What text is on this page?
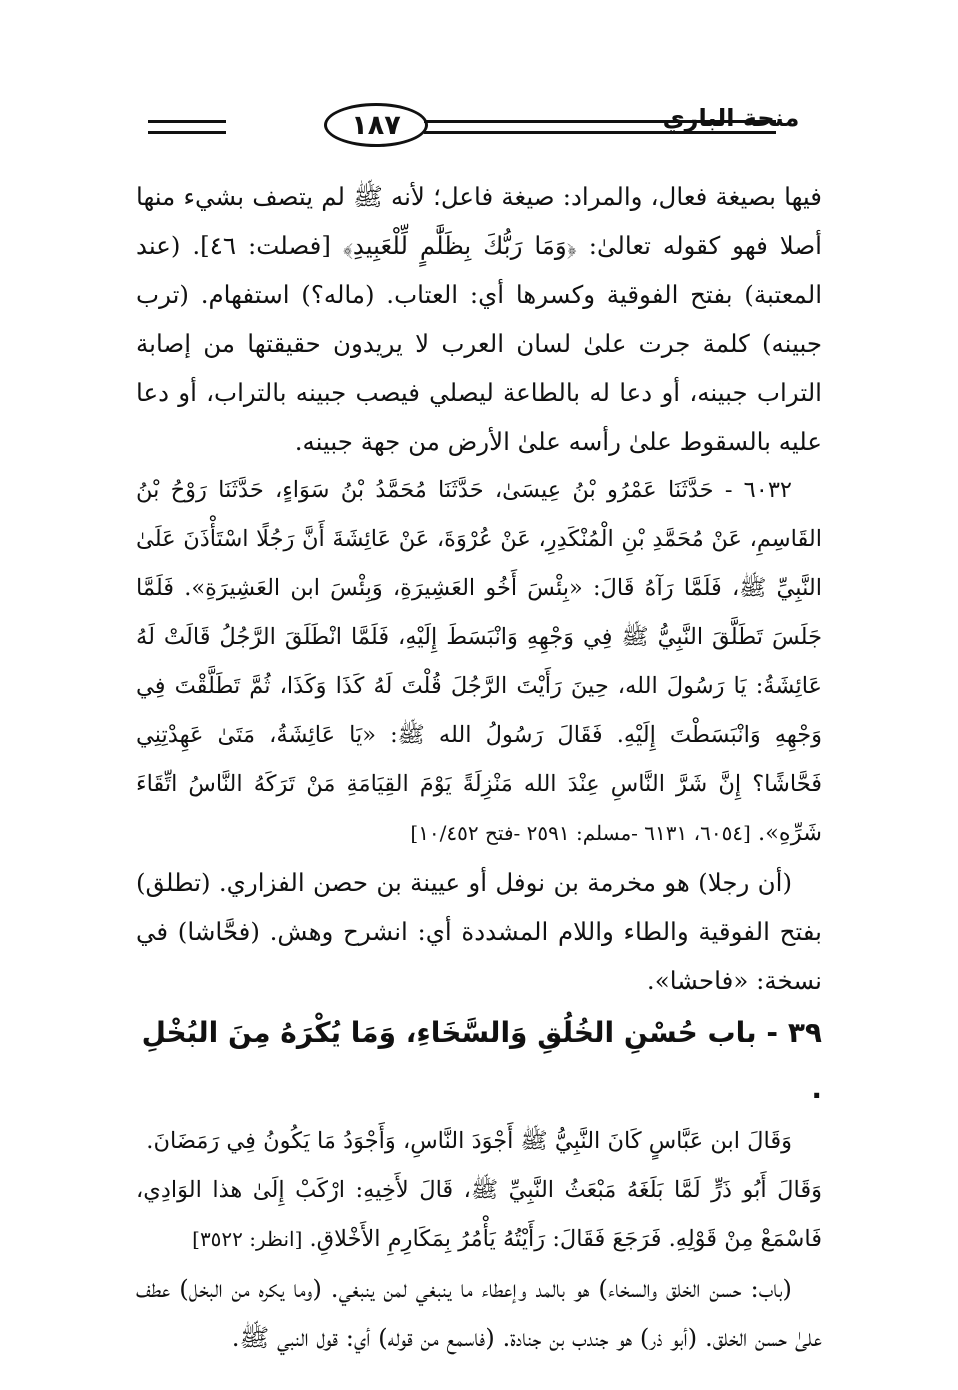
١٨٧	منحة الباري

فيها بصيغة فعال، والمراد: صيغة فاعل؛ لأنه ﷺ لم يتصف بشيء منها أصلا فهو كقوله تعالىٰ: ﴿وَمَا رَبُّكَ بِظَلَّٰمٍ لِّلْعَبِيدِ﴾ [فصلت: ٤٦]. (عند المعتبة) بفتح الفوقية وكسرها أي: العتاب. (ماله؟) استفهام. (ترب جبينه) كلمة جرت علىٰ لسان العرب لا يريدون حقيقتها من إصابة التراب جبينه، أو دعا له بالطاعة ليصلي فيصب جبينه بالتراب، أو دعا عليه بالسقوط علىٰ رأسه علىٰ الأرض من جهة جبينه.

٦٠٣٢ - حَدَّثَنَا عَمْرُو بْنُ عِيسَىٰ، حَدَّثَنَا مُحَمَّدُ بْنُ سَوَاءٍ، حَدَّثَنَا رَوْحُ بْنُ القَاسِمِ، عَنْ مُحَمَّدِ بْنِ الْمُنْكَدِرِ، عَنْ عُرْوَةَ، عَنْ عَائِشَةَ أَنَّ رَجُلًا اسْتَأْذَنَ عَلَىٰ النَّبِيِّ ﷺ، فَلَمَّا رَآهُ قَالَ: «بِئْسَ أَخُو العَشِيرَةِ، وَبِئْسَ ابن العَشِيرَةِ». فَلَمَّا جَلَسَ تَطَلَّقَ النَّبِيُّ ﷺ فِي وَجْهِهِ وَانْبَسَطَ إِلَيْهِ، فَلَمَّا انْطَلَقَ الرَّجُلُ قَالَتْ لَهُ عَائِشَةُ: يَا رَسُولَ الله، حِينَ رَأَيْتَ الرَّجُلَ قُلْتَ لَهُ كَذَا وَكَذَا، ثُمَّ تَطَلَّقْتَ فِي وَجْهِهِ وَانْبَسَطْتَ إِلَيْهِ. فَقَالَ رَسُولُ الله ﷺ: «يَا عَائِشَةُ، مَتَىٰ عَهِدْتِنِي فَحَّاشًا؟ إِنَّ شَرَّ النَّاسِ عِنْدَ الله مَنْزِلَةً يَوْمَ القِيَامَةِ مَنْ تَرَكَهُ النَّاسُ اتِّقَاءَ شَرِّهِ». [٦٠٥٤، ٦١٣١ -مسلم: ٢٥٩١ -فتح ١٠/٤٥٢]

(أن رجلا) هو مخرمة بن نوفل أو عيينة بن حصن الفزاري. (تطلق) بفتح الفوقية والطاء واللام المشددة أي: انشرح وهش. (فحَّاشا) في نسخة: «فاحشا».

٣٩ - باب حُسْنِ الخُلُقِ وَالسَّخَاءِ، وَمَا يُكْرَهُ مِنَ البُخْلِ .

وَقَالَ ابن عَبَّاسٍ كَانَ النَّبِيُّ ﷺ أَجْوَدَ النَّاسِ، وَأَجْوَدُ مَا يَكُونُ فِي رَمَضَانَ.

وَقَالَ أَبُو ذَرٍّ لَمَّا بَلَغَهُ مَبْعَثُ النَّبِيِّ ﷺ، قَالَ لأَخِيهِ: ارْكَبْ إِلَىٰ هذا الوَادِي، فَاسْمَعْ مِنْ قَوْلِهِ. فَرَجَعَ فَقَالَ: رَأَيْتُهُ يَأْمُرُ بِمَكَارِمِ الأَخْلاقِ. [انظر: ٣٥٢٢]

(باب: حسن الخلق والسخاء) هو بالمد وإعطاء ما ينبغي لمن ينبغي. (وما يكره من البخل) عطف علىٰ حسن الخلق. (أبو ذر) هو جندب بن جنادة. (فاسمع من قوله) أي: قول النبي ﷺ.
